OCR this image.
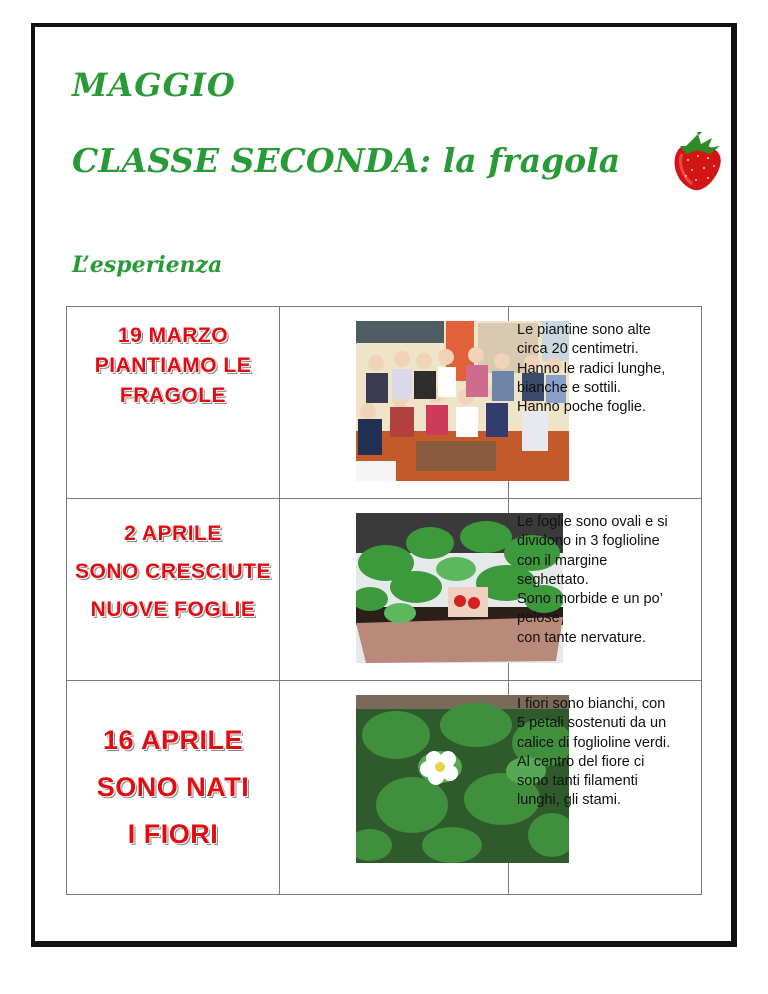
MAGGIO
CLASSE SECONDA: la fragola
L’esperienza

19 MARZO
PIANTIAMO LE
FRAGOLE

Le piantine sono alte
circa 20 centimetri.
Hanno le radici lunghe,
bianche e sottili.
Hanno poche foglie.

2 APRILE
SONO CRESCIUTE
NUOVE FOGLIE

Le foglie sono ovali e si
dividono in 3 foglioline
con il margine
seghettato.
Sono morbide e un po’
pelose
con tante nervature.

16 APRILE
SONO NATI
I FIORI

I fiori sono bianchi, con
5 petali sostenuti da un
calice di foglioline verdi.
Al centro del fiore ci
sono tanti filamenti
lunghi, gli stami.
